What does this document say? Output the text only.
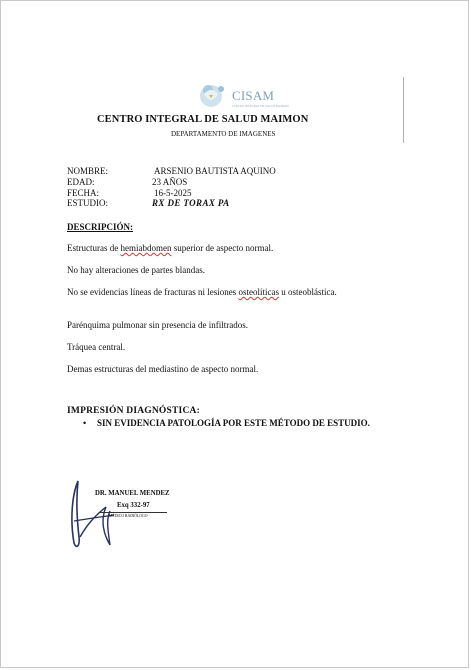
CISAM
CENTRO INTEGRAL DE SALUD MAIMON
CENTRO INTEGRAL DE SALUD MAIMON
DEPARTAMENTO DE IMAGENES
NOMBRE:	ARSENIO BAUTISTA AQUINO
EDAD:	23 AÑOS
FECHA:	16-5-2025
ESTUDIO:	RX DE TORAX PA
DESCRIPCIÓN:
Estructuras de hemiabdomen superior de aspecto normal.
No hay alteraciones de partes blandas.
No se evidencias líneas de fracturas ni lesiones osteolíticas u osteoblástica.
Parénquima pulmonar sin presencia de infiltrados.
Tráquea central.
Demas estructuras del mediastino de aspecto normal.
IMPRESIÓN DIAGNÓSTICA:
• SIN EVIDENCIA PATOLOGÍA POR ESTE MÉTODO DE ESTUDIO.
DR. MANUEL MENDEZ
Exq 332-97
MÉDICO RADIÓLOGO
